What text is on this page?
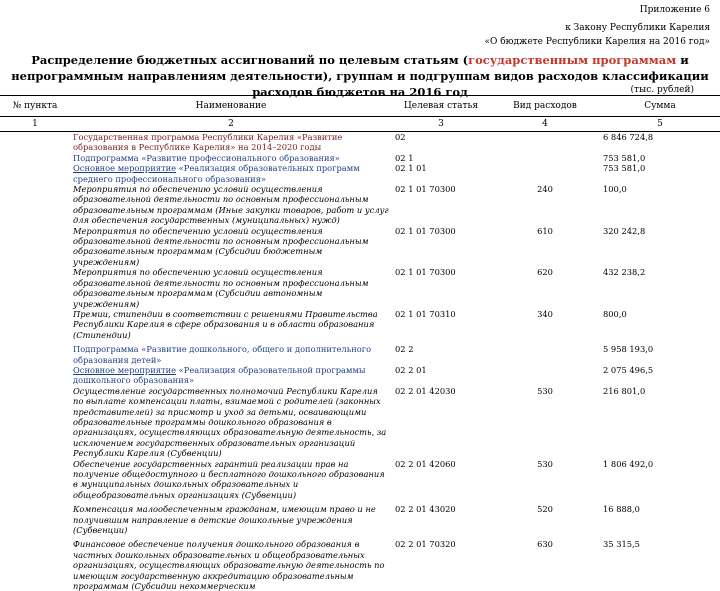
Приложение 6
к Закону Республики Карелия
«О бюджете Республики Карелия на 2016 год»
Распределение бюджетных ассигнований по целевым статьям (государственным программам и непрограммным направлениям деятельности), группам и подгруппам видов расходов классификации расходов бюджетов на 2016 год	(тыс. рублей)
№ пункта	Наименование	Целевая статья	Вид расходов	Сумма
1	2	3	4	5
	Государственная программа Республики Карелия «Развитие образования в Республике Карелия» на 2014–2020 годы	02		6 846 724,8
	Подпрограмма «Развитие профессионального образования»	02 1		753 581,0
	Основное мероприятие «Реализация образовательных программ среднего профессионального образования»	02 1 01		753 581,0
	Мероприятия по обеспечению условий осуществления образовательной деятельности по основным профессиональным образовательным программам (Иные закупки товаров, работ и услуг для обеспечения государственных (муниципальных) нужд)	02 1 01 70300	240	100,0
	Мероприятия по обеспечению условий осуществления образовательной деятельности по основным профессиональным образовательным программам (Субсидии бюджетным учреждениям)	02 1 01 70300	610	320 242,8
	Мероприятия по обеспечению условий осуществления образовательной деятельности по основным профессиональным образовательным программам (Субсидии автономным учреждениям)	02 1 01 70300	620	432 238,2
	Премии, стипендии в соответствии с решениями Правительства Республики Карелия в сфере образования и в области образования (Стипендии)	02 1 01 70310	340	800,0
	Подпрограмма «Развитие дошкольного, общего и дополнительного образования детей»	02 2		5 958 193,0
	Основное мероприятие «Реализация образовательной программы дошкольного образования»	02 2 01		2 075 496,5
	Осуществление государственных полномочий Республики Карелия по выплате компенсации платы, взимаемой с родителей (законных представителей) за присмотр и уход за детьми, осваивающими образовательные программы дошкольного образования в организациях, осуществляющих образовательную деятельность, за исключением государственных образовательных организаций Республики Карелия (Субвенции)	02 2 01 42030	530	216 801,0
	Обеспечение государственных гарантий реализации прав на получение общедоступного и бесплатного дошкольного образования в муниципальных дошкольных образовательных и общеобразовательных организациях (Субвенции)	02 2 01 42060	530	1 806 492,0
	Компенсация малообеспеченным гражданам, имеющим право и не получившим направление в детские дошкольные учреждения (Субвенции)	02 2 01 43020	520	16 888,0
	Финансовое обеспечение получения дошкольного образования в частных дошкольных образовательных и общеобразовательных организациях, осуществляющих образовательную деятельность по имеющим государственную аккредитацию образовательным программам (Субсидии некоммерческим	02 2 01 70320	630	35 315,5
